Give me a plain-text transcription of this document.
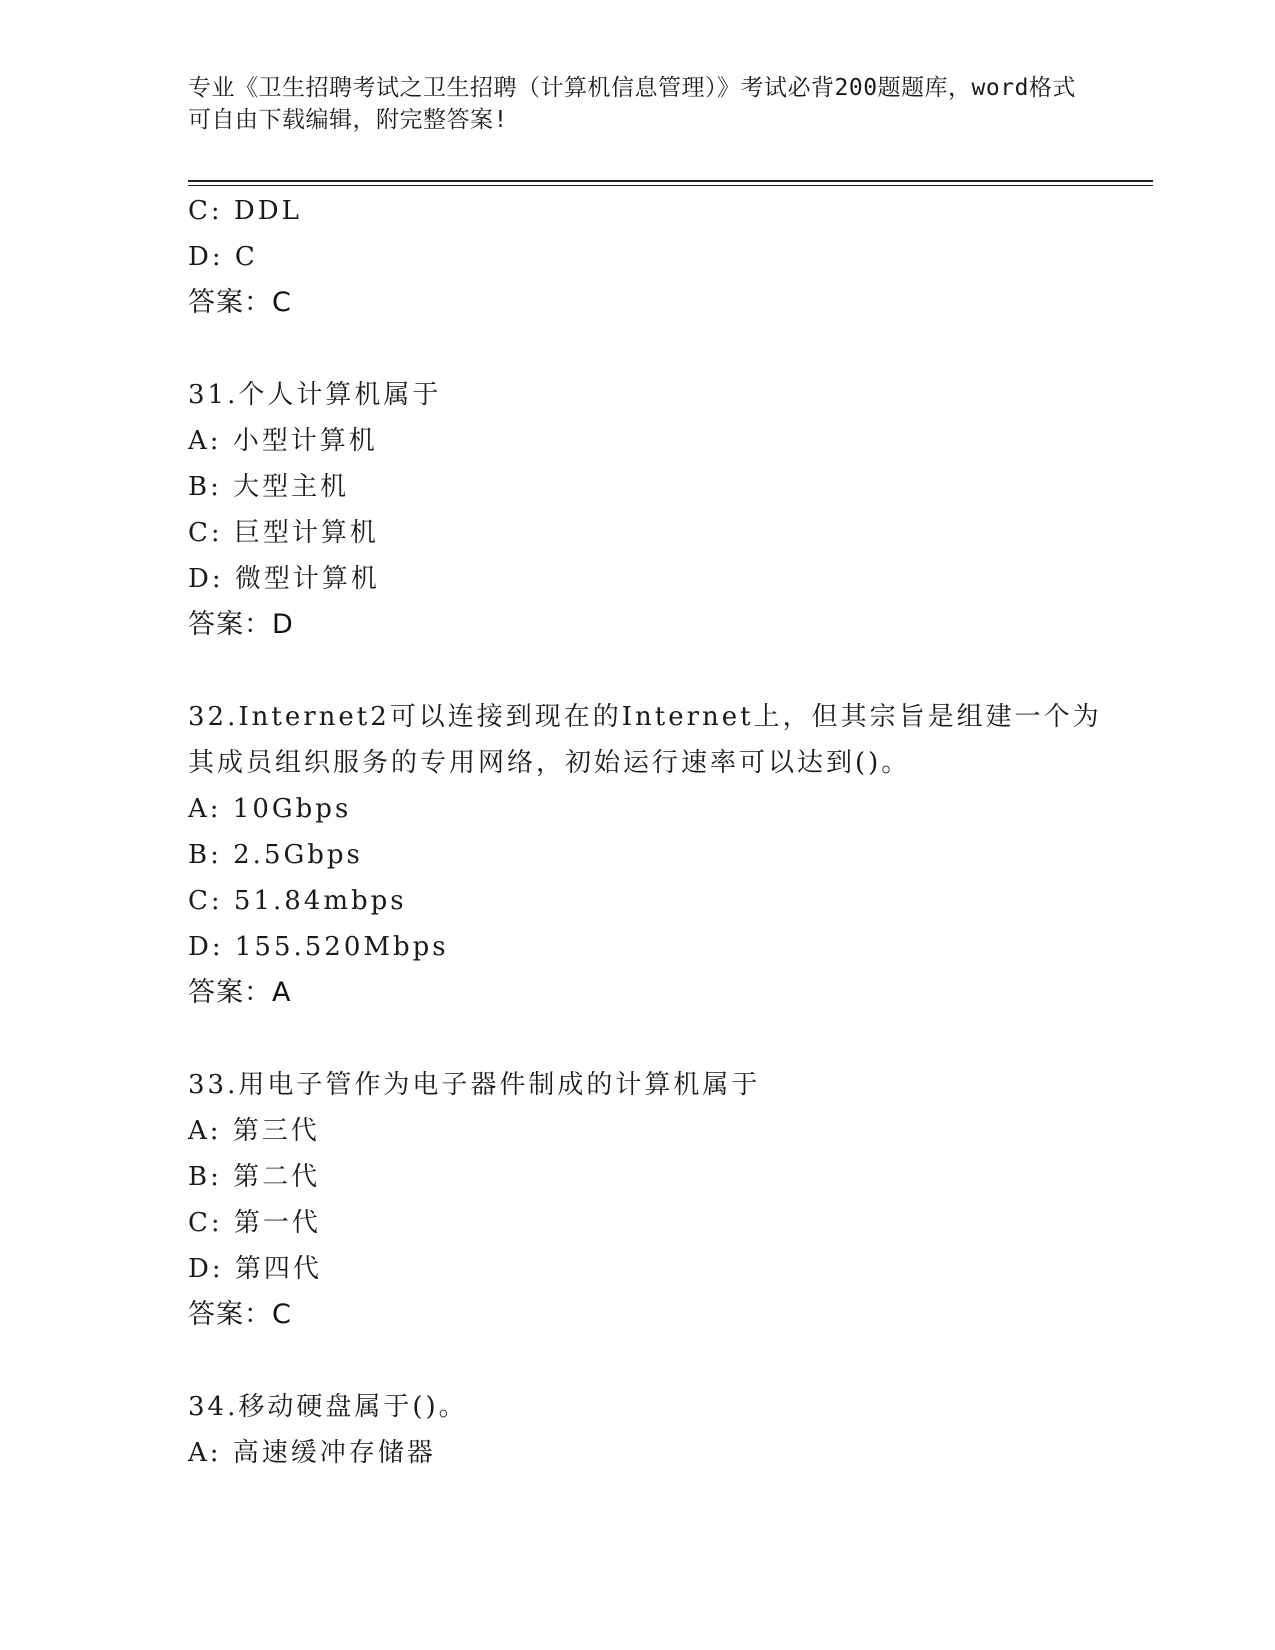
专业《卫生招聘考试之卫生招聘（计算机信息管理）》考试必背200题题库，word格式可自由下载编辑，附完整答案!
C: DDL
D: C
答案：C
31.个人计算机属于
A: 小型计算机
B: 大型主机
C: 巨型计算机
D: 微型计算机
答案：D
32.Internet2可以连接到现在的Internet上，但其宗旨是组建一个为其成员组织服务的专用网络，初始运行速率可以达到()。
A: 10Gbps
B: 2.5Gbps
C: 51.84mbps
D: 155.520Mbps
答案：A
33.用电子管作为电子器件制成的计算机属于
A: 第三代
B: 第二代
C: 第一代
D: 第四代
答案：C
34.移动硬盘属于()。
A: 高速缓冲存储器
